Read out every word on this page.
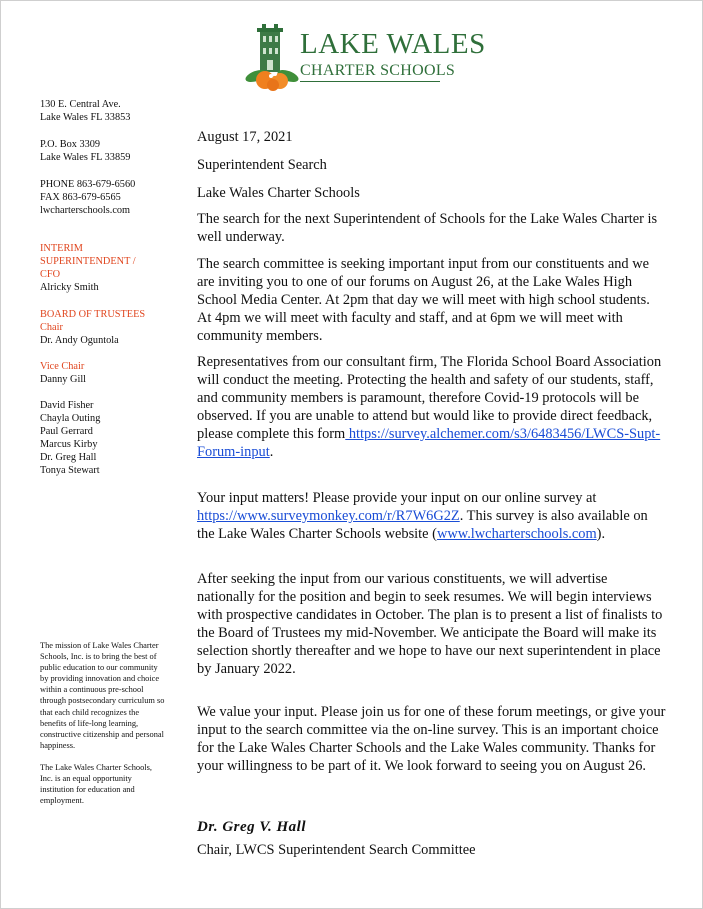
LAKE WALES
CHARTER SCHOOLS
130 E. Central Ave.
Lake Wales FL 33853
P.O. Box 3309
Lake Wales FL 33859
PHONE 863-679-6560
FAX 863-679-6565
lwcharterschools.com
INTERIM
SUPERINTENDENT /
CFO
Alricky Smith
BOARD OF TRUSTEES
Chair
Dr. Andy Oguntola
Vice Chair
Danny Gill
David Fisher
Chayla Outing
Paul Gerrard
Marcus Kirby
Dr. Greg Hall
Tonya Stewart

The mission of Lake Wales Charter Schools, Inc. is to bring the best of public education to our community by providing innovation and choice within a continuous pre-school through postsecondary curriculum so that each child recognizes the benefits of life-long learning, constructive citizenship and personal happiness.

The Lake Wales Charter Schools, Inc. is an equal opportunity institution for education and employment.

August 17, 2021

Superintendent Search

Lake Wales Charter Schools

The search for the next Superintendent of Schools for the Lake Wales Charter is well underway.

The search committee is seeking important input from our constituents and we are inviting you to one of our forums on August 26, at the Lake Wales High School Media Center. At 2pm that day we will meet with high school students. At 4pm we will meet with faculty and staff, and at 6pm we will meet with community members.

Representatives from our consultant firm, The Florida School Board Association will conduct the meeting. Protecting the health and safety of our students, staff, and community members is paramount, therefore Covid-19 protocols will be observed. If you are unable to attend but would like to provide direct feedback, please complete this form https://survey.alchemer.com/s3/6483456/LWCS-Supt-Forum-input.

Your input matters! Please provide your input on our online survey at https://www.surveymonkey.com/r/R7W6G2Z. This survey is also available on the Lake Wales Charter Schools website (www.lwcharterschools.com).

After seeking the input from our various constituents, we will advertise nationally for the position and begin to seek resumes. We will begin interviews with prospective candidates in October. The plan is to present a list of finalists to the Board of Trustees my mid-November. We anticipate the Board will make its selection shortly thereafter and we hope to have our next superintendent in place by January 2022.

We value your input. Please join us for one of these forum meetings, or give your input to the search committee via the on-line survey. This is an important choice for the Lake Wales Charter Schools and the Lake Wales community. Thanks for your willingness to be part of it. We look forward to seeing you on August 26.

Dr. Greg V. Hall

Chair, LWCS Superintendent Search Committee
